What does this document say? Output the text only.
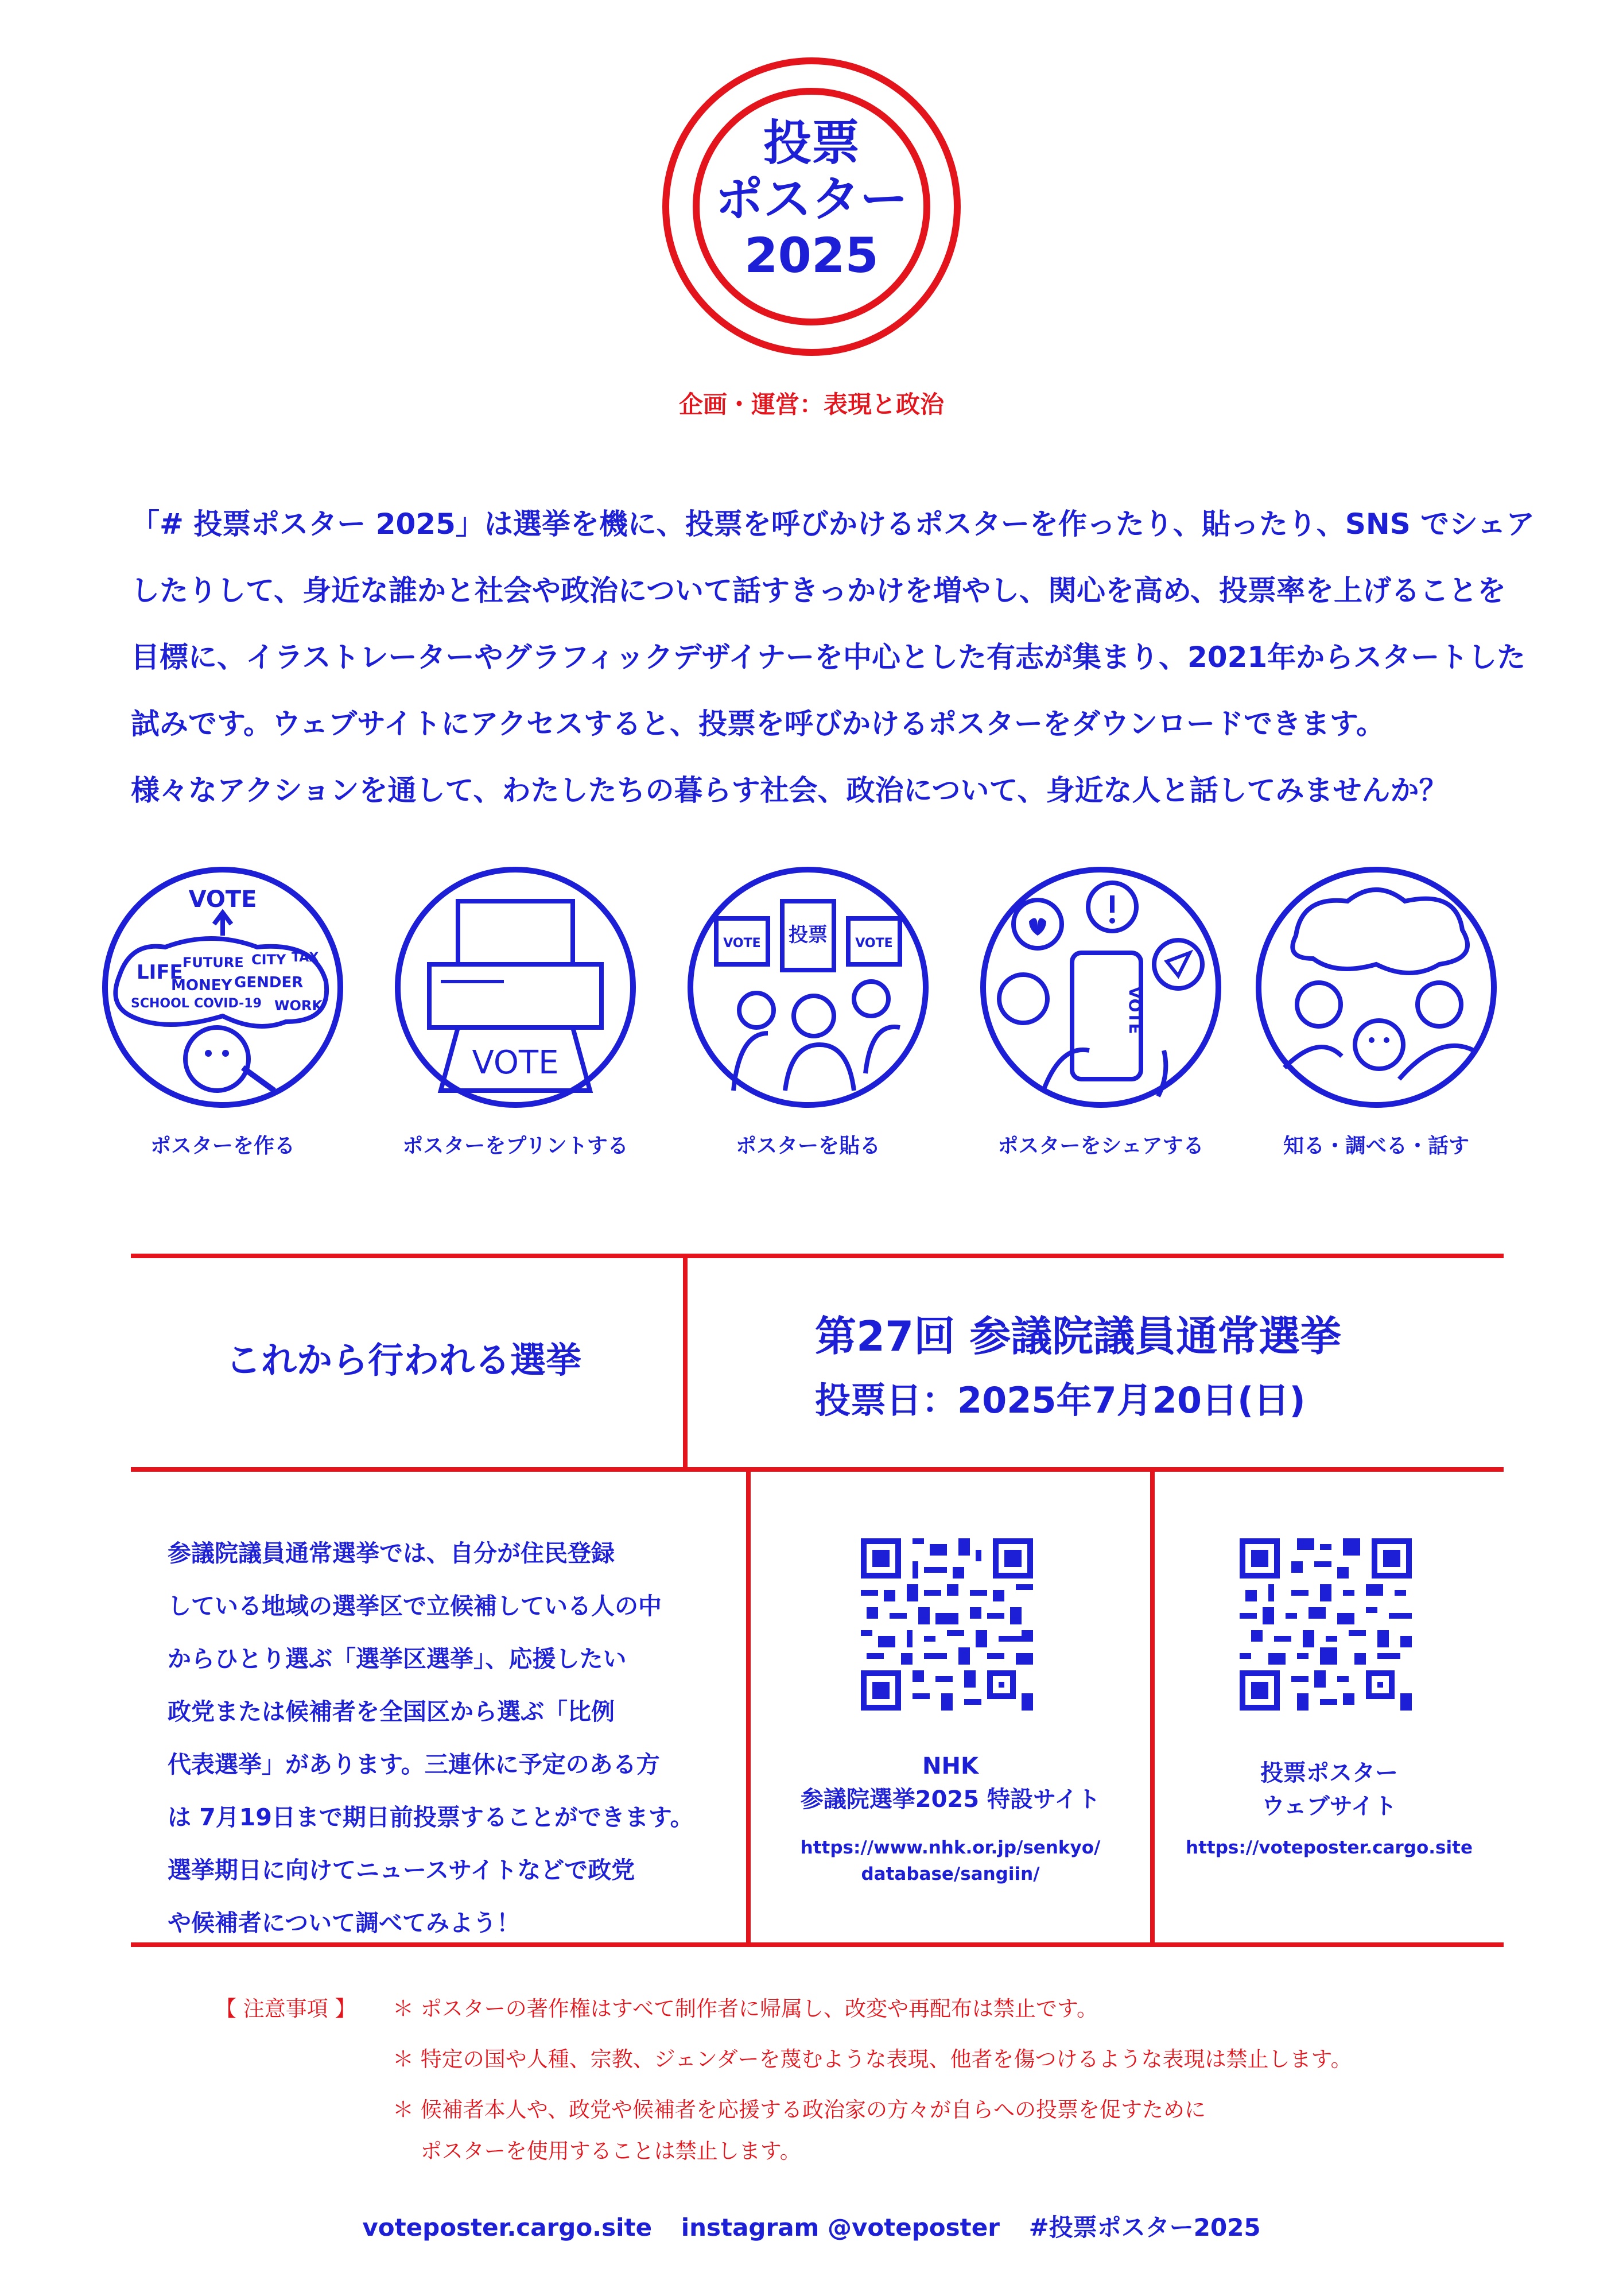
投票
ポスター
2025
企画・運営：表現と政治
「# 投票ポスター 2025」は選挙を機に、投票を呼びかけるポスターを作ったり、貼ったり、SNS でシェア
したりして、身近な誰かと社会や政治について話すきっかけを増やし、関心を高め、投票率を上げることを
目標に、イラストレーターやグラフィックデザイナーを中心とした有志が集まり、2021年からスタートした
試みです。ウェブサイトにアクセスすると、投票を呼びかけるポスターをダウンロードできます。
様々なアクションを通して、わたしたちの暮らす社会、政治について、身近な人と話してみませんか？
VOTE
LIFE FUTURE CITY TAX
MONEY GENDER
SCHOOL COVID-19 WORK
ポスターを作る
VOTE
ポスターをプリントする
VOTE 投票 VOTE
ポスターを貼る
VOTE
ポスターをシェアする	知る・調べる・話す
これから行われる選挙	第27回 参議院議員通常選挙
投票日：2025年7月20日(日)
参議院議員通常選挙では、自分が住民登録
している地域の選挙区で立候補している人の中
からひとり選ぶ「選挙区選挙」、応援したい
政党または候補者を全国区から選ぶ「比例
代表選挙」があります。三連休に予定のある方
は 7月19日まで期日前投票することができます。
選挙期日に向けてニュースサイトなどで政党
や候補者について調べてみよう！
NHK
参議院選挙2025 特設サイト
https://www.nhk.or.jp/senkyo/
database/sangiin/
投票ポスター
ウェブサイト
https://voteposter.cargo.site
【 注意事項 】 ＊ ポスターの著作権はすべて制作者に帰属し、改変や再配布は禁止です。
＊ 特定の国や人種、宗教、ジェンダーを蔑むような表現、他者を傷つけるような表現は禁止します。
＊ 候補者本人や、政党や候補者を応援する政治家の方々が自らへの投票を促すために
　 ポスターを使用することは禁止します。
voteposter.cargo.site instagram @voteposter #投票ポスター2025
